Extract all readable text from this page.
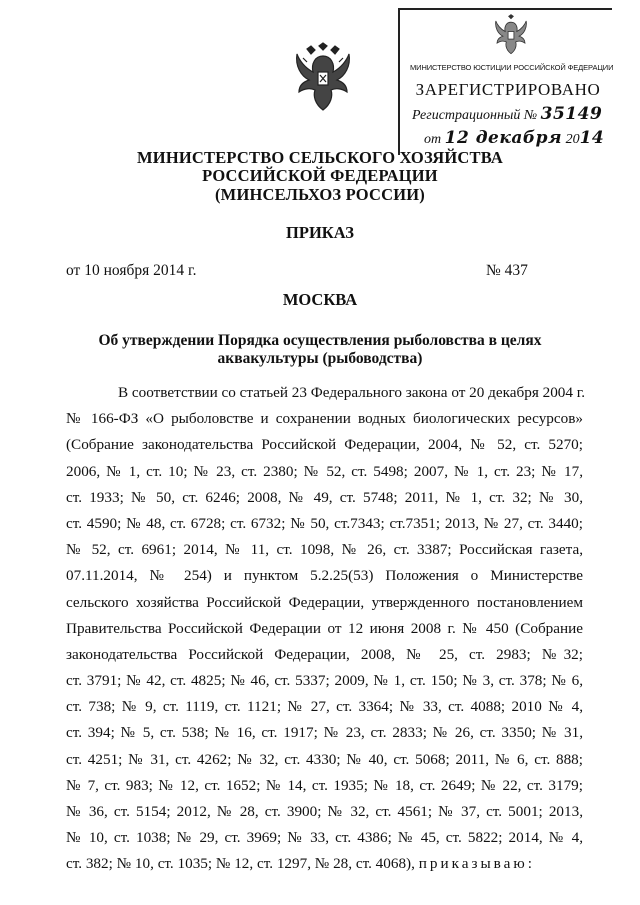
МИНИСТЕРСТВО ЮСТИЦИИ РОССИЙСКОЙ ФЕДЕРАЦИИ
ЗАРЕГИСТРИРОВАНО
Регистрационный № 35149
от 12 декабря 2014
МИНИСТЕРСТВО СЕЛЬСКОГО ХОЗЯЙСТВА
РОССИЙСКОЙ ФЕДЕРАЦИИ
(МИНСЕЛЬХОЗ РОССИИ)
ПРИКАЗ
от 10 ноября 2014 г.	№ 437
МОСКВА
Об утверждении Порядка осуществления рыболовства в целях
аквакультуры (рыбоводства)
В соответствии со статьей 23 Федерального закона от 20 декабря 2004 г.
№ 166-ФЗ «О рыболовстве и сохранении водных биологических ресурсов»
(Собрание законодательства Российской Федерации, 2004, № 52, ст. 5270;
2006, № 1, ст. 10; № 23, ст. 2380; № 52, ст. 5498; 2007, № 1, ст. 23; № 17,
ст. 1933; № 50, ст. 6246; 2008, № 49, ст. 5748; 2011, № 1, ст. 32; № 30,
ст. 4590; № 48, ст. 6728; ст. 6732; № 50, ст.7343; ст.7351; 2013, № 27, ст. 3440;
№ 52, ст. 6961; 2014, № 11, ст. 1098, № 26, ст. 3387; Российская газета,
07.11.2014, № 254) и пунктом 5.2.25(53) Положения о Министерстве
сельского хозяйства Российской Федерации, утвержденного постановлением
Правительства Российской Федерации от 12 июня 2008 г. № 450 (Собрание
законодательства Российской Федерации, 2008, № 25, ст. 2983; №32;
ст. 3791; № 42, ст. 4825; № 46, ст. 5337; 2009, № 1, ст. 150; № 3, ст. 378; № 6,
ст. 738; № 9, ст. 1119, ст. 1121; № 27, ст. 3364; № 33, ст. 4088; 2010 № 4,
ст. 394; № 5, ст. 538; № 16, ст. 1917; № 23, ст. 2833; № 26, ст. 3350; № 31,
ст. 4251; № 31, ст. 4262; № 32, ст. 4330; № 40, ст. 5068; 2011, № 6, ст. 888;
№ 7, ст. 983; № 12, ст. 1652; № 14, ст. 1935; № 18, ст. 2649; № 22, ст. 3179;
№ 36, ст. 5154; 2012, № 28, ст. 3900; № 32, ст. 4561; № 37, ст. 5001; 2013,
№ 10, ст. 1038; № 29, ст. 3969; № 33, ст. 4386; № 45, ст. 5822; 2014, № 4,
ст. 382; № 10, ст. 1035; № 12, ст. 1297, № 28, ст. 4068), приказываю:
